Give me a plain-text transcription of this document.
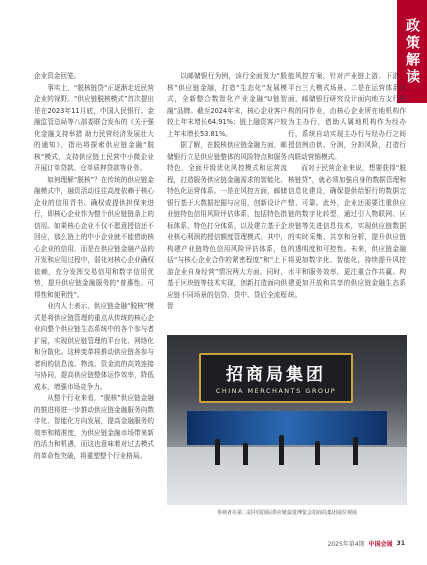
政策解读

企业资金回笼。

事实上，“脱核链贷”正逐渐走近民营企业的视野。“供应链脱核模式”首次提出是在2023年11月底，中国人民银行、金融监管总局等八部委联合发布的《关于强化金融支持举措 助力民营经济发展壮大的通知》，指出将探索供应链金融“脱核”模式，支持供应链上民营中小微企业开展订单贷款、仓单质押贷款等业务。

如何理解“脱核”？在传统的供应链金融模式中，融资活动往往高度依赖于核心企业的信用背书、确权或提供担保来进行，即核心企业作为整个供应链链条上的信用。如果核心企业不仅不愿意授信还不回应，那么链上的中小企业就不能借助核心企业的信用，而是在供应链金融产品的开发和应用过程中，弱化对核心企业确权依赖，充分发挥交易信用和数字信用优势，提升供应链金融服务的“普惠性、可得性和便利性”。

业内人士表示，供应链金融“脱核”模式是将供应链管理的重点从传统的核心企业向整个供应链生态系统中的各个参与者扩展，实现供应链管理的平台化、网络化和分散化。这种变革将推动供应链各参与者间的信息流、物流、资金流的高效连接与协同，提高供应链整体运作效率，降低成本，增强市场竞争力。

从整个行业来看，“脱核”供应链金融的推进将进一步推动供应链金融服务向数字化、智能化方向发展，提高金融服务的效率和精准度，为供应链金融市场带来新的活力和机遇，而这也意味着对过去模式的革命性突破，将重塑整个行业格局。

以邮储银行为例，该行全面发力“脱核”供应链金融，打造“生态化”发展模式，全新整合数智化产业金融“U链智融”品牌。截至2024年末，核心企业客户较上年末增长64.91%；链上融资客户较上年末增长53.81%。

据了解，在脱核供应链金融方面，邮储银行立足供应链整体的风险特点和服务特色，全面升级优化风控模式和运营流程，打造服务供应链金融需求的智能化、特色化运营体系。一是在风控方面，邮储银行基于大数据挖掘与应用，创新设计产业链特色信用风险评估体系，包括特色指标体系、特色打分体系，以及建立基于企业核心利润的授信额度管理模式。其中，构建产业链特色信用风险评估体系，包括“与核心企业合作的紧密程度”和“上下游企业自身经营”情况两大方面。同时，基于区块链等技术实现，创新打造面向供应链不同场景的信贷、贷中、贷后全流程智

能风控方案，针对产业链上游、下游、平台三大模式场景。二是在运营体系方面，邮储银行研究设计面向地方支行机构的同作业，由核心企业所在地机构作为主办行，借助人属地机构作为经办行，系统自动实现主办行与经办行之间授信例由供、分润，分担风险，打造行内联动营销模式。

而对于民营企业来说，想要获得“脱核链贷”，就必须加强自身的数据管理和信息化建设，确保提供给银行的数据完整、可靠。此外，企业还需要注重供应链的数字化转型，通过引入物联网、区块链等先进信息技术，实现供应链数据的实时采集、共享和分析，提升供应链的透明度和可控性。未来，供应链金融将更加数字化、智能化，持续提升风控水平和服务效率，更注重合作共赢。构建更加开放和共享的供应链金融生态系统。

招商局集团
CHINA MERCHANTS GROUP
参观者在第二届中国国际供应链促进博览会招商局集团展位观展
2025年第4期 中国会展 31
